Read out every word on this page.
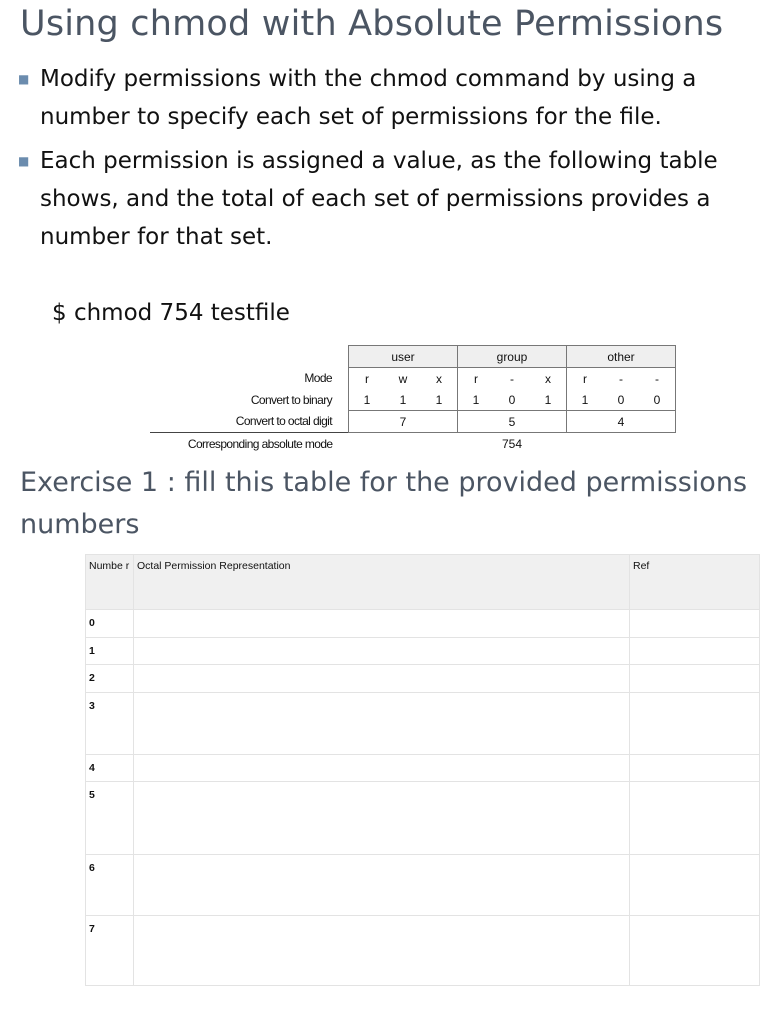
Using chmod with Absolute Permissions
■ Modify permissions with the chmod command by using a number to specify each set of permissions for the file.
■ Each permission is assigned a value, as the following table shows, and the total of each set of permissions provides a number for that set.
$ chmod 754 testfile
	user			group			other		
Mode	r	w	x	r	-	x	r	-	-
Convert to binary	1	1	1	1	0	1	1	0	0
Convert to octal digit	7			5			4		
Corresponding absolute mode	754								
Exercise 1 : fill this table for the provided permissions numbers
Numbe r	Octal Permission Representation	Ref
0		
1		
2		
3		
4		
5		
6		
7		
